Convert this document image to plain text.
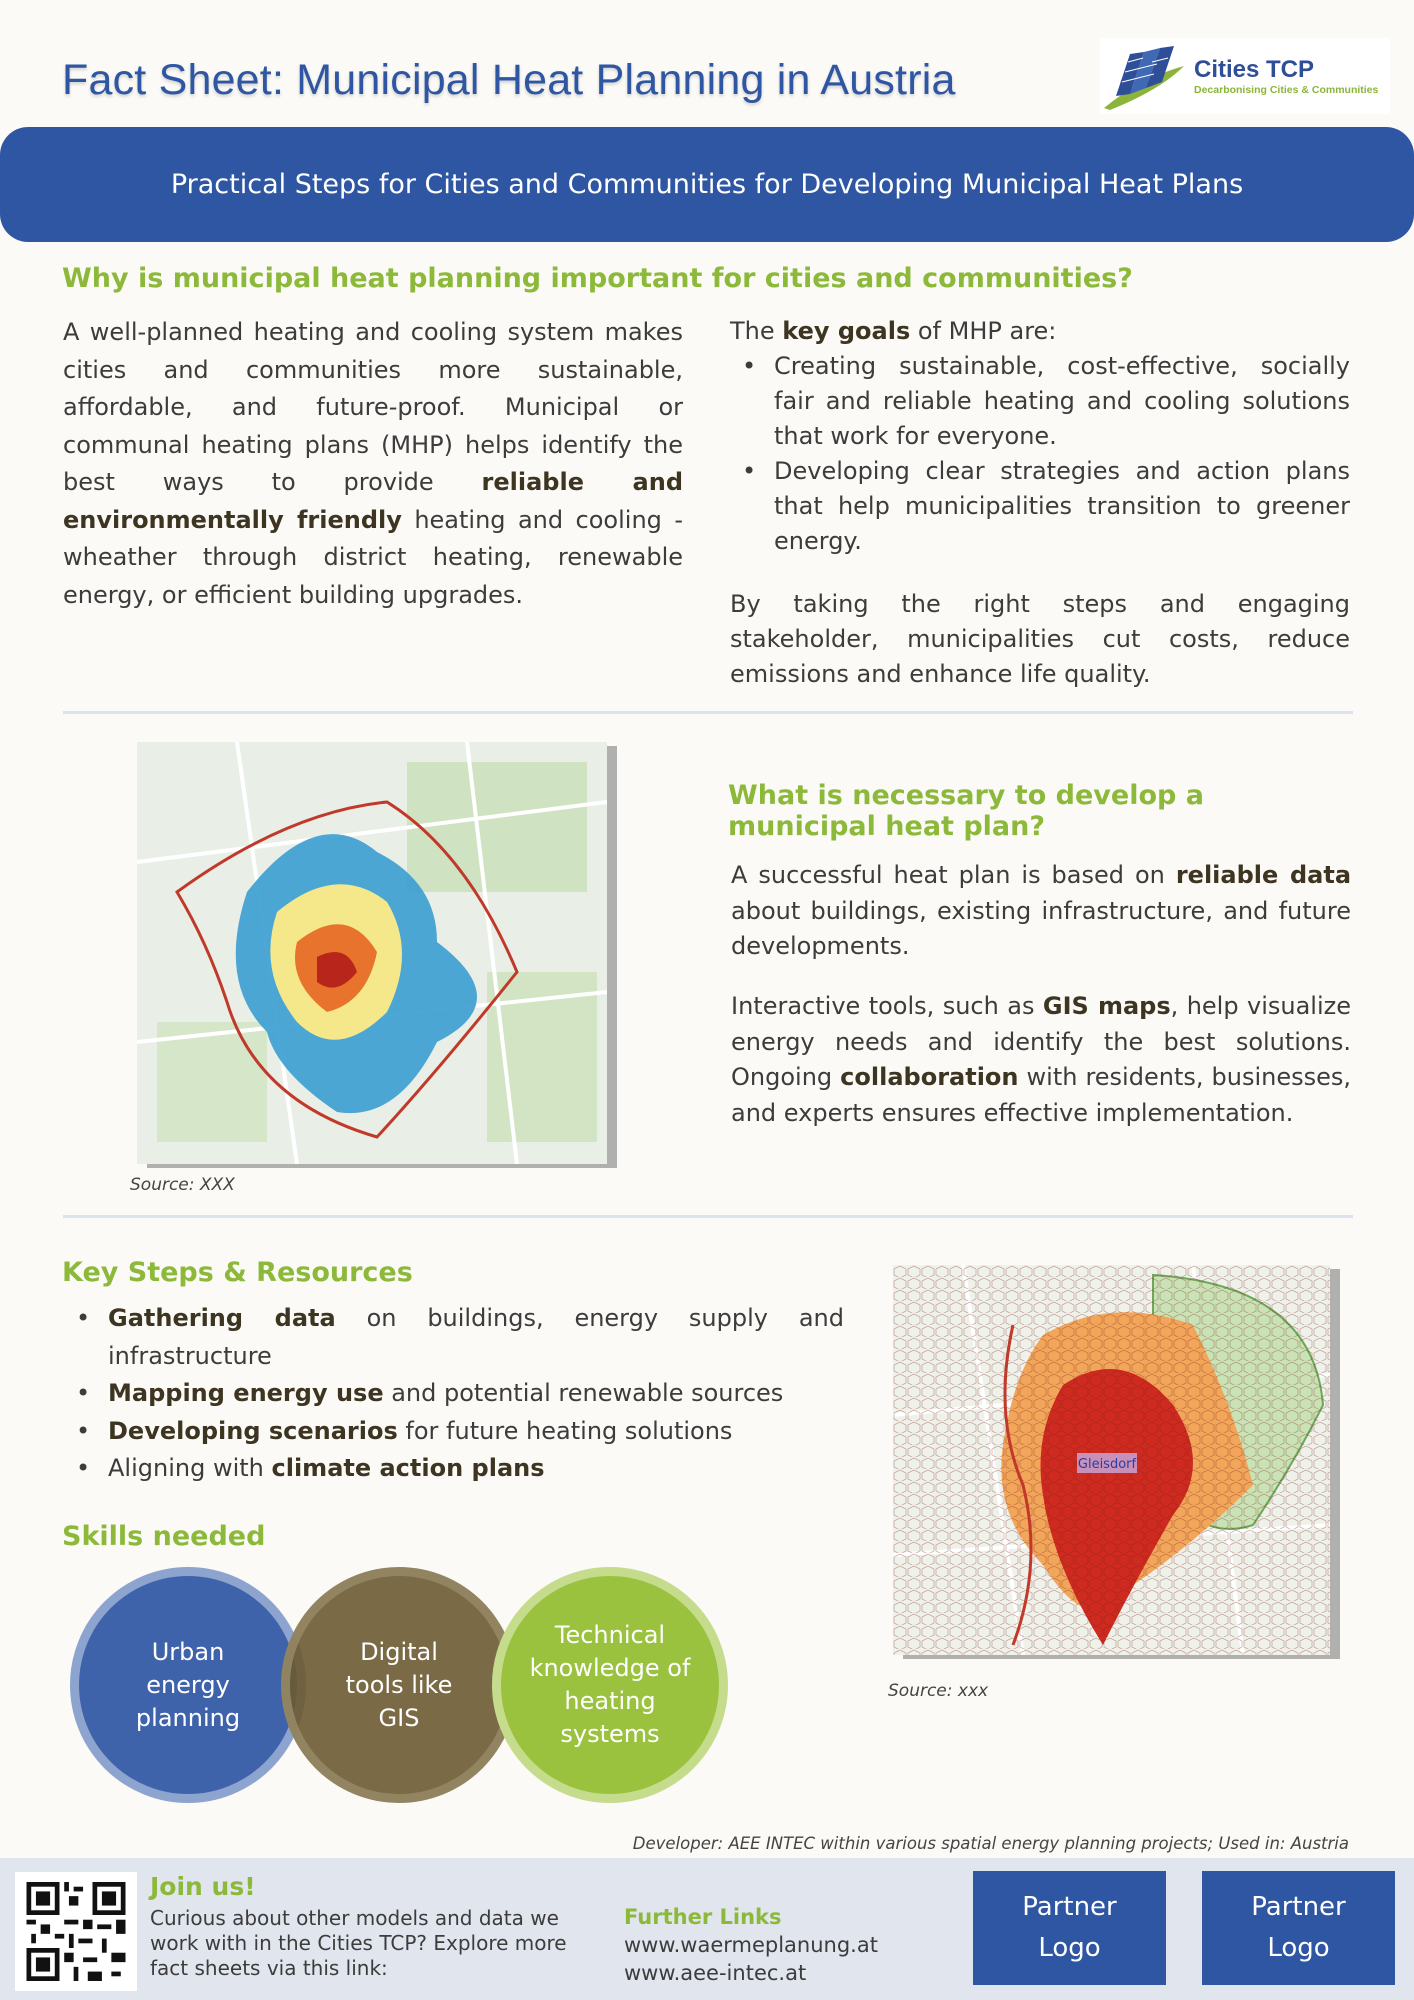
Fact Sheet: Municipal Heat Planning in Austria	Cities TCP
Decarbonising Cities & Communities
Practical Steps for Cities and Communities for Developing Municipal Heat Plans
Why is municipal heat planning important for cities and communities?
A well-planned heating and cooling system makes cities and communities more sustainable, affordable, and future-proof. Municipal or communal heating plans (MHP) helps identify the best ways to provide reliable and environmentally friendly heating and cooling - wheather through district heating, renewable energy, or efficient building upgrades.
The key goals of MHP are:
• Creating sustainable, cost-effective, socially fair and reliable heating and cooling solutions that work for everyone.
• Developing clear strategies and action plans that help municipalities transition to greener energy.
By taking the right steps and engaging stakeholder, municipalities cut costs, reduce emissions and enhance life quality.
Source: XXX
What is necessary to develop a municipal heat plan?
A successful heat plan is based on reliable data about buildings, existing infrastructure, and future developments.
Interactive tools, such as GIS maps, help visualize energy needs and identify the best solutions. Ongoing collaboration with residents, businesses, and experts ensures effective implementation.
Key Steps & Resources
• Gathering data on buildings, energy supply and infrastructure
• Mapping energy use and potential renewable sources
• Developing scenarios for future heating solutions
• Aligning with climate action plans	Gleisdorf
Source: xxx
Skills needed
Urban energy planning
Digital tools like GIS
Technical knowledge of heating systems
Developer: AEE INTEC within various spatial energy planning projects; Used in: Austria
Join us!
Curious about other models and data we work with in the Cities TCP? Explore more fact sheets via this link:
Further Links
www.waermeplanung.at
www.aee-intec.at
Partner Logo
Partner Logo
